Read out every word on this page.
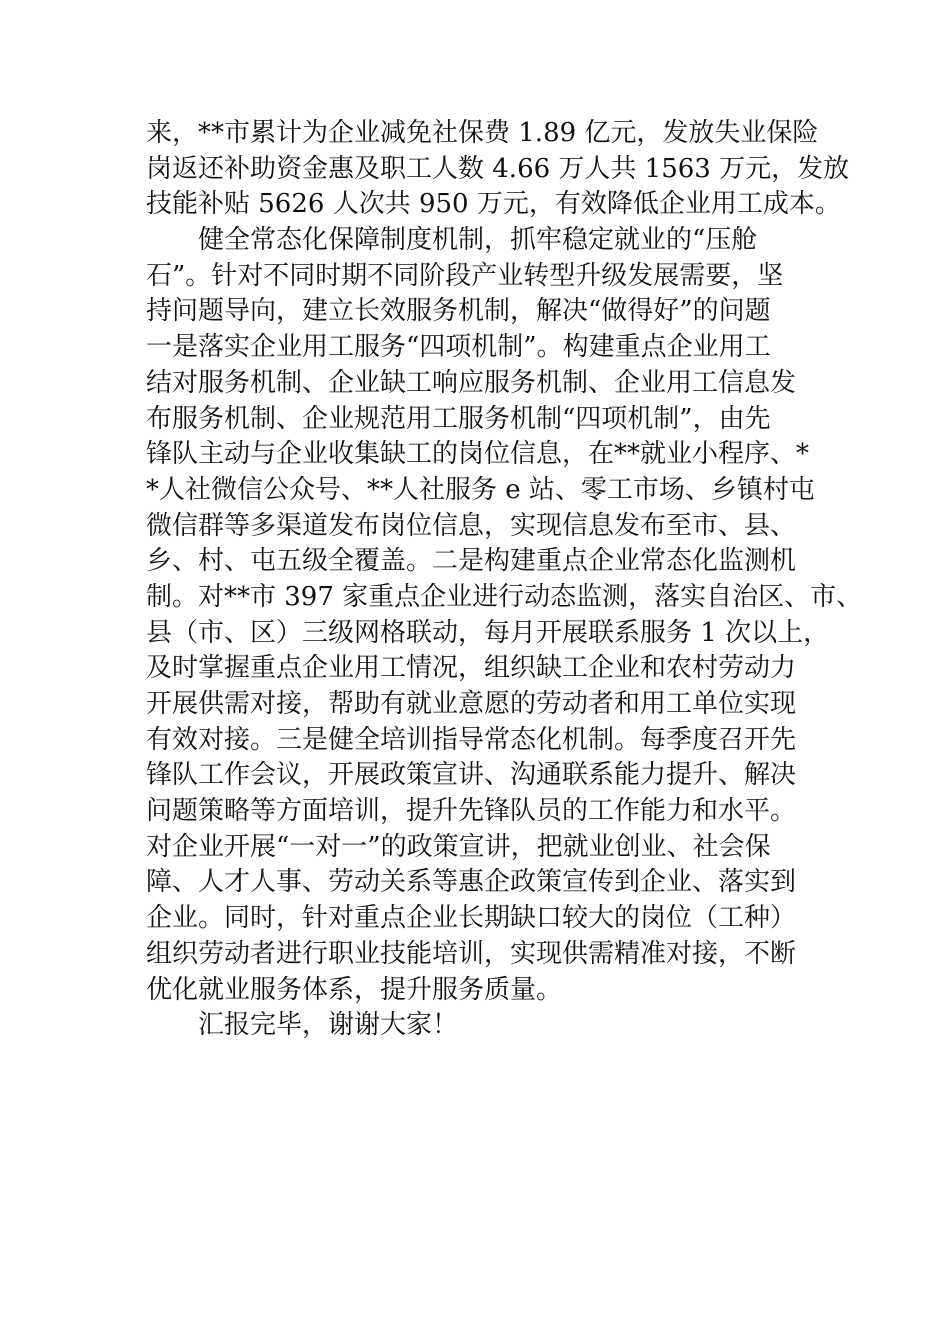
来，**市累计为企业减免社保费 1.89 亿元，发放失业保险
岗返还补助资金惠及职工人数 4.66 万人共 1563 万元，发放
技能补贴 5626 人次共 950 万元，有效降低企业用工成本。
　　健全常态化保障制度机制，抓牢稳定就业的“压舱
石”。针对不同时期不同阶段产业转型升级发展需要，坚
持问题导向，建立长效服务机制，解决“做得好”的问题
一是落实企业用工服务“四项机制”。构建重点企业用工
结对服务机制、企业缺工响应服务机制、企业用工信息发
布服务机制、企业规范用工服务机制“四项机制”，由先
锋队主动与企业收集缺工的岗位信息，在**就业小程序、*
*人社微信公众号、**人社服务 e 站、零工市场、乡镇村屯
微信群等多渠道发布岗位信息，实现信息发布至市、县、
乡、村、屯五级全覆盖。二是构建重点企业常态化监测机
制。对**市 397 家重点企业进行动态监测，落实自治区、市、
县（市、区）三级网格联动，每月开展联系服务 1 次以上，
及时掌握重点企业用工情况，组织缺工企业和农村劳动力
开展供需对接，帮助有就业意愿的劳动者和用工单位实现
有效对接。三是健全培训指导常态化机制。每季度召开先
锋队工作会议，开展政策宣讲、沟通联系能力提升、解决
问题策略等方面培训，提升先锋队员的工作能力和水平。
对企业开展“一对一”的政策宣讲，把就业创业、社会保
障、人才人事、劳动关系等惠企政策宣传到企业、落实到
企业。同时，针对重点企业长期缺口较大的岗位（工种）
组织劳动者进行职业技能培训，实现供需精准对接，不断
优化就业服务体系，提升服务质量。
　　汇报完毕，谢谢大家！
